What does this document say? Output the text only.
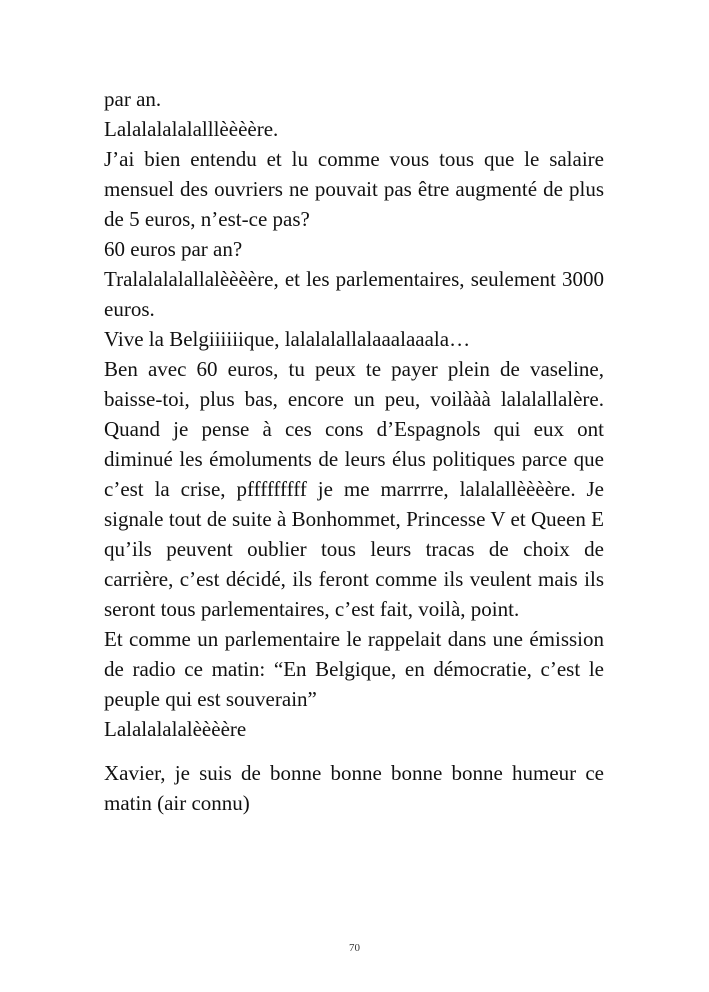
par an.

Lalalalalalalllèèèère.

J’ai bien entendu et lu comme vous tous que le salaire mensuel des ouvriers ne pouvait pas être augmenté de plus de 5 euros, n’est-ce pas?

60 euros par an?

Tralalalalallalèèèère, et les parlementaires, seulement 3000 euros.

Vive la Belgiiiiiique, lalalalallalaaalaaala…

Ben avec 60 euros, tu peux te payer plein de vaseline, baisse-toi, plus bas, encore un peu, voilààà lalalallalère. Quand je pense à ces cons d’Espagnols qui eux ont diminué les émoluments de leurs élus politiques parce que c’est la crise, pfffffffff je me marrrre, lalalallèèèère. Je signale tout de suite à Bonhommet, Princesse V et Queen E qu’ils peuvent oublier tous leurs tracas de choix de carrière, c’est décidé, ils feront comme ils veulent mais ils seront tous parlementaires, c’est fait, voilà, point.

Et comme un parlementaire le rappelait dans une émission de radio ce matin: “En Belgique, en démocratie, c’est le peuple qui est souverain”

Lalalalalalèèèère

Xavier, je suis de bonne bonne bonne bonne humeur ce matin (air connu)

70
